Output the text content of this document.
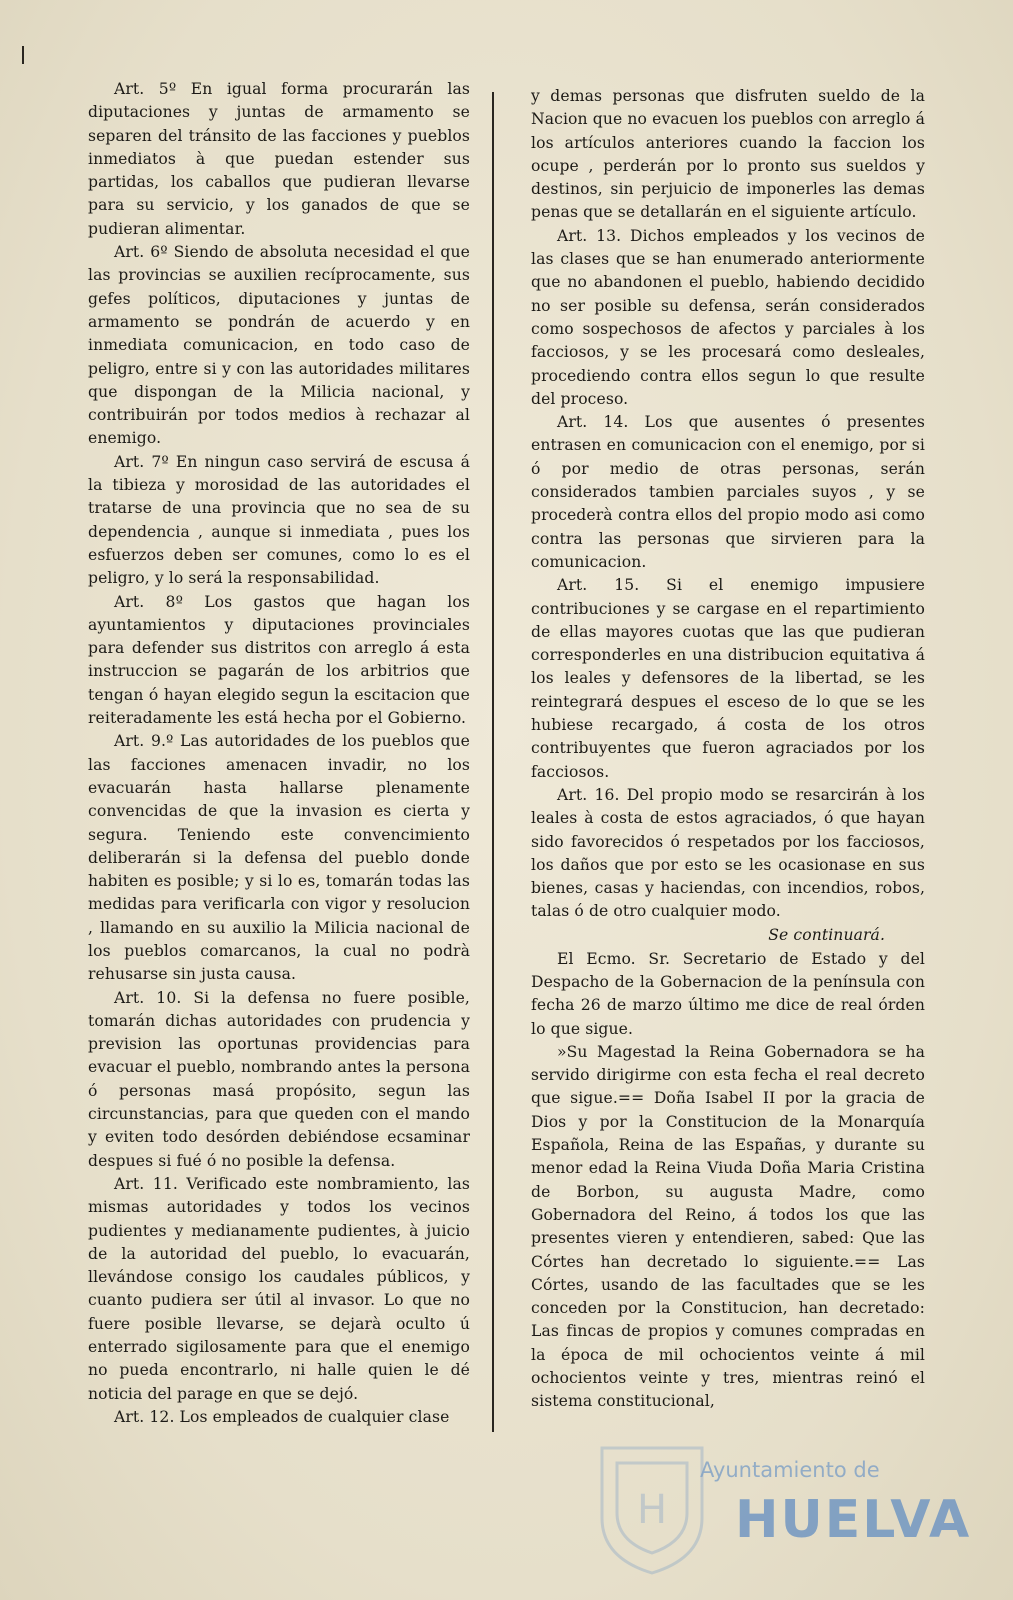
Art. 5º En igual forma procurarán las diputaciones y juntas de armamento se separen del tránsito de las facciones y pueblos inmediatos à que puedan estender sus partidas, los caballos que pudieran llevarse para su servicio, y los ganados de que se pudieran alimentar.

Art. 6º Siendo de absoluta necesidad el que las provincias se auxilien recíprocamente, sus gefes políticos, diputaciones y juntas de armamento se pondrán de acuerdo y en inmediata comunicacion, en todo caso de peligro, entre si y con las autoridades militares que dispongan de la Milicia nacional, y contribuirán por todos medios à rechazar al enemigo.

Art. 7º En ningun caso servirá de escusa á la tibieza y morosidad de las autoridades el tratarse de una provincia que no sea de su dependencia , aunque si inmediata , pues los esfuerzos deben ser comunes, como lo es el peligro, y lo será la responsabilidad.

Art. 8º Los gastos que hagan los ayuntamientos y diputaciones provinciales para defender sus distritos con arreglo á esta instruccion se pagarán de los arbitrios que tengan ó hayan elegido segun la escitacion que reiteradamente les está hecha por el Gobierno.

Art. 9.º Las autoridades de los pueblos que las facciones amenacen invadir, no los evacuarán hasta hallarse plenamente convencidas de que la invasion es cierta y segura. Teniendo este convencimiento deliberarán si la defensa del pueblo donde habiten es posible; y si lo es, tomarán todas las medidas para verificarla con vigor y resolucion , llamando en su auxilio la Milicia nacional de los pueblos comarcanos, la cual no podrà rehusarse sin justa causa.

Art. 10. Si la defensa no fuere posible, tomarán dichas autoridades con prudencia y prevision las oportunas providencias para evacuar el pueblo, nombrando antes la persona ó personas masá propósito, segun las circunstancias, para que queden con el mando y eviten todo desórden debiéndose ecsaminar despues si fué ó no posible la defensa.

Art. 11. Verificado este nombramiento, las mismas autoridades y todos los vecinos pudientes y medianamente pudientes, à juicio de la autoridad del pueblo, lo evacuarán, llevándose consigo los caudales públicos, y cuanto pudiera ser útil al invasor. Lo que no fuere posible llevarse, se dejarà oculto ú enterrado sigilosamente para que el enemigo no pueda encontrarlo, ni halle quien le dé noticia del parage en que se dejó.

Art. 12. Los empleados de cualquier clase

y demas personas que disfruten sueldo de la Nacion que no evacuen los pueblos con arreglo á los artículos anteriores cuando la faccion los ocupe , perderán por lo pronto sus sueldos y destinos, sin perjuicio de imponerles las demas penas que se detallarán en el siguiente artículo.

Art. 13. Dichos empleados y los vecinos de las clases que se han enumerado anteriormente que no abandonen el pueblo, habiendo decidido no ser posible su defensa, serán considerados como sospechosos de afectos y parciales à los facciosos, y se les procesará como desleales, procediendo contra ellos segun lo que resulte del proceso.

Art. 14. Los que ausentes ó presentes entrasen en comunicacion con el enemigo, por si ó por medio de otras personas, serán considerados tambien parciales suyos , y se procederà contra ellos del propio modo asi como contra las personas que sirvieren para la comunicacion.

Art. 15. Si el enemigo impusiere contribuciones y se cargase en el repartimiento de ellas mayores cuotas que las que pudieran corresponderles en una distribucion equitativa á los leales y defensores de la libertad, se les reintegrará despues el esceso de lo que se les hubiese recargado, á costa de los otros contribuyentes que fueron agraciados por los facciosos.

Art. 16. Del propio modo se resarcirán à los leales à costa de estos agraciados, ó que hayan sido favorecidos ó respetados por los facciosos, los daños que por esto se les ocasionase en sus bienes, casas y haciendas, con incendios, robos, talas ó de otro cualquier modo.
Se continuará.

El Ecmo. Sr. Secretario de Estado y del Despacho de la Gobernacion de la península con fecha 26 de marzo último me dice de real órden lo que sigue.

»Su Magestad la Reina Gobernadora se ha servido dirigirme con esta fecha el real decreto que sigue.== Doña Isabel II por la gracia de Dios y por la Constitucion de la Monarquía Española, Reina de las Españas, y durante su menor edad la Reina Viuda Doña Maria Cristina de Borbon, su augusta Madre, como Gobernadora del Reino, á todos los que las presentes vieren y entendieren, sabed: Que las Córtes han decretado lo siguiente.== Las Córtes, usando de las facultades que se les conceden por la Constitucion, han decretado: Las fincas de propios y comunes compradas en la época de mil ochocientos veinte á mil ochocientos veinte y tres, mientras reinó el sistema constitucional,

H
Ayuntamiento de
HUELVA
